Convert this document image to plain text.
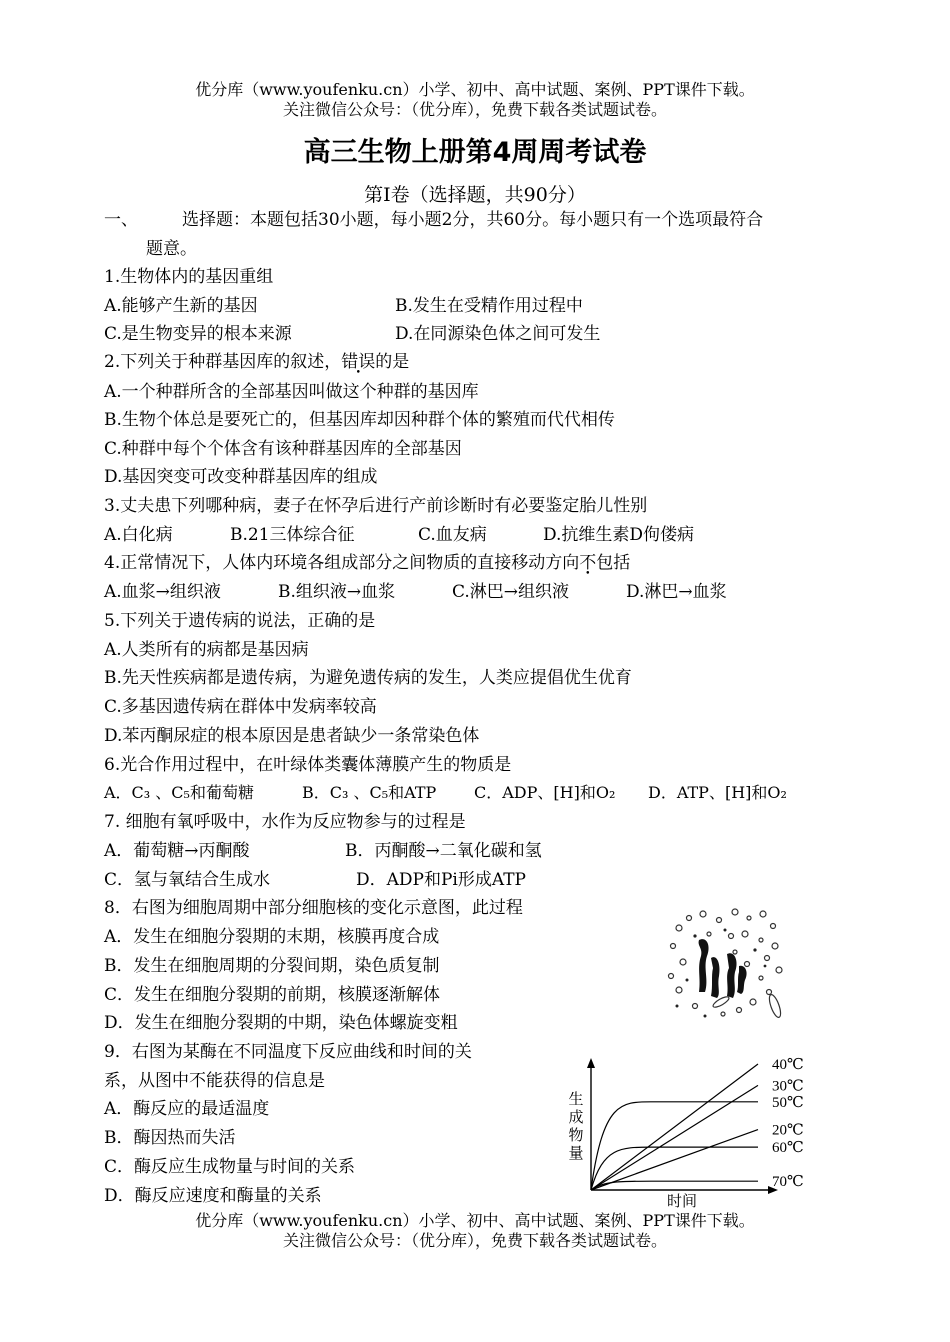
优分库（www.youfenku.cn）小学、初中、高中试题、案例、PPT课件下载。
关注微信公众号：（优分库），免费下载各类试题试卷。
高三生物上册第4周周考试卷
第Ⅰ卷（选择题，共90分）
一、	选择题：本题包括30小题，每小题2分，共60分。每小题只有一个选项最符合
题意。
1.生物体内的基因重组
A.能够产生新的基因	B.发生在受精作用过程中
C.是生物变异的根本来源	D.在同源染色体之间可发生
2.下列关于种群基因库的叙述，错误的是
A.一个种群所含的全部基因叫做这个种群的基因库
B.生物个体总是要死亡的，但基因库却因种群个体的繁殖而代代相传
C.种群中每个个体含有该种群基因库的全部基因
D.基因突变可改变种群基因库的组成
3.丈夫患下列哪种病，妻子在怀孕后进行产前诊断时有必要鉴定胎儿性别
A.白化病	B.21三体综合征	C.血友病	D.抗维生素D佝偻病
4.正常情况下，人体内环境各组成部分之间物质的直接移动方向不包括
A.血浆→组织液	B.组织液→血浆	C.淋巴→组织液	D.淋巴→血浆
5.下列关于遗传病的说法，正确的是
A.人类所有的病都是基因病
B.先天性疾病都是遗传病，为避免遗传病的发生，人类应提倡优生优育
C.多基因遗传病在群体中发病率较高
D.苯丙酮尿症的根本原因是患者缺少一条常染色体
6.光合作用过程中，在叶绿体类囊体薄膜产生的物质是
A．C₃ 、C₅和葡萄糖	B．C₃ 、C₅和ATP C．ADP、[H]和O₂ D．ATP、[H]和O₂
7. 细胞有氧呼吸中，水作为反应物参与的过程是
A．葡萄糖→丙酮酸	B．丙酮酸→二氧化碳和氢
C．氢与氧结合生成水	D．ADP和Pi形成ATP
8．右图为细胞周期中部分细胞核的变化示意图，此过程
A．发生在细胞分裂期的末期，核膜再度合成
B．发生在细胞周期的分裂间期，染色质复制
C．发生在细胞分裂期的前期，核膜逐渐解体
D．发生在细胞分裂期的中期，染色体螺旋变粗
9．右图为某酶在不同温度下反应曲线和时间的关
系，从图中不能获得的信息是
A．酶反应的最适温度
B．酶因热而失活
C．酶反应生成物量与时间的关系
D．酶反应速度和酶量的关系
生
成
物
量
时间
40℃
30℃
50℃
20℃
60℃
70℃
优分库（www.youfenku.cn）小学、初中、高中试题、案例、PPT课件下载。
关注微信公众号：（优分库），免费下载各类试题试卷。
